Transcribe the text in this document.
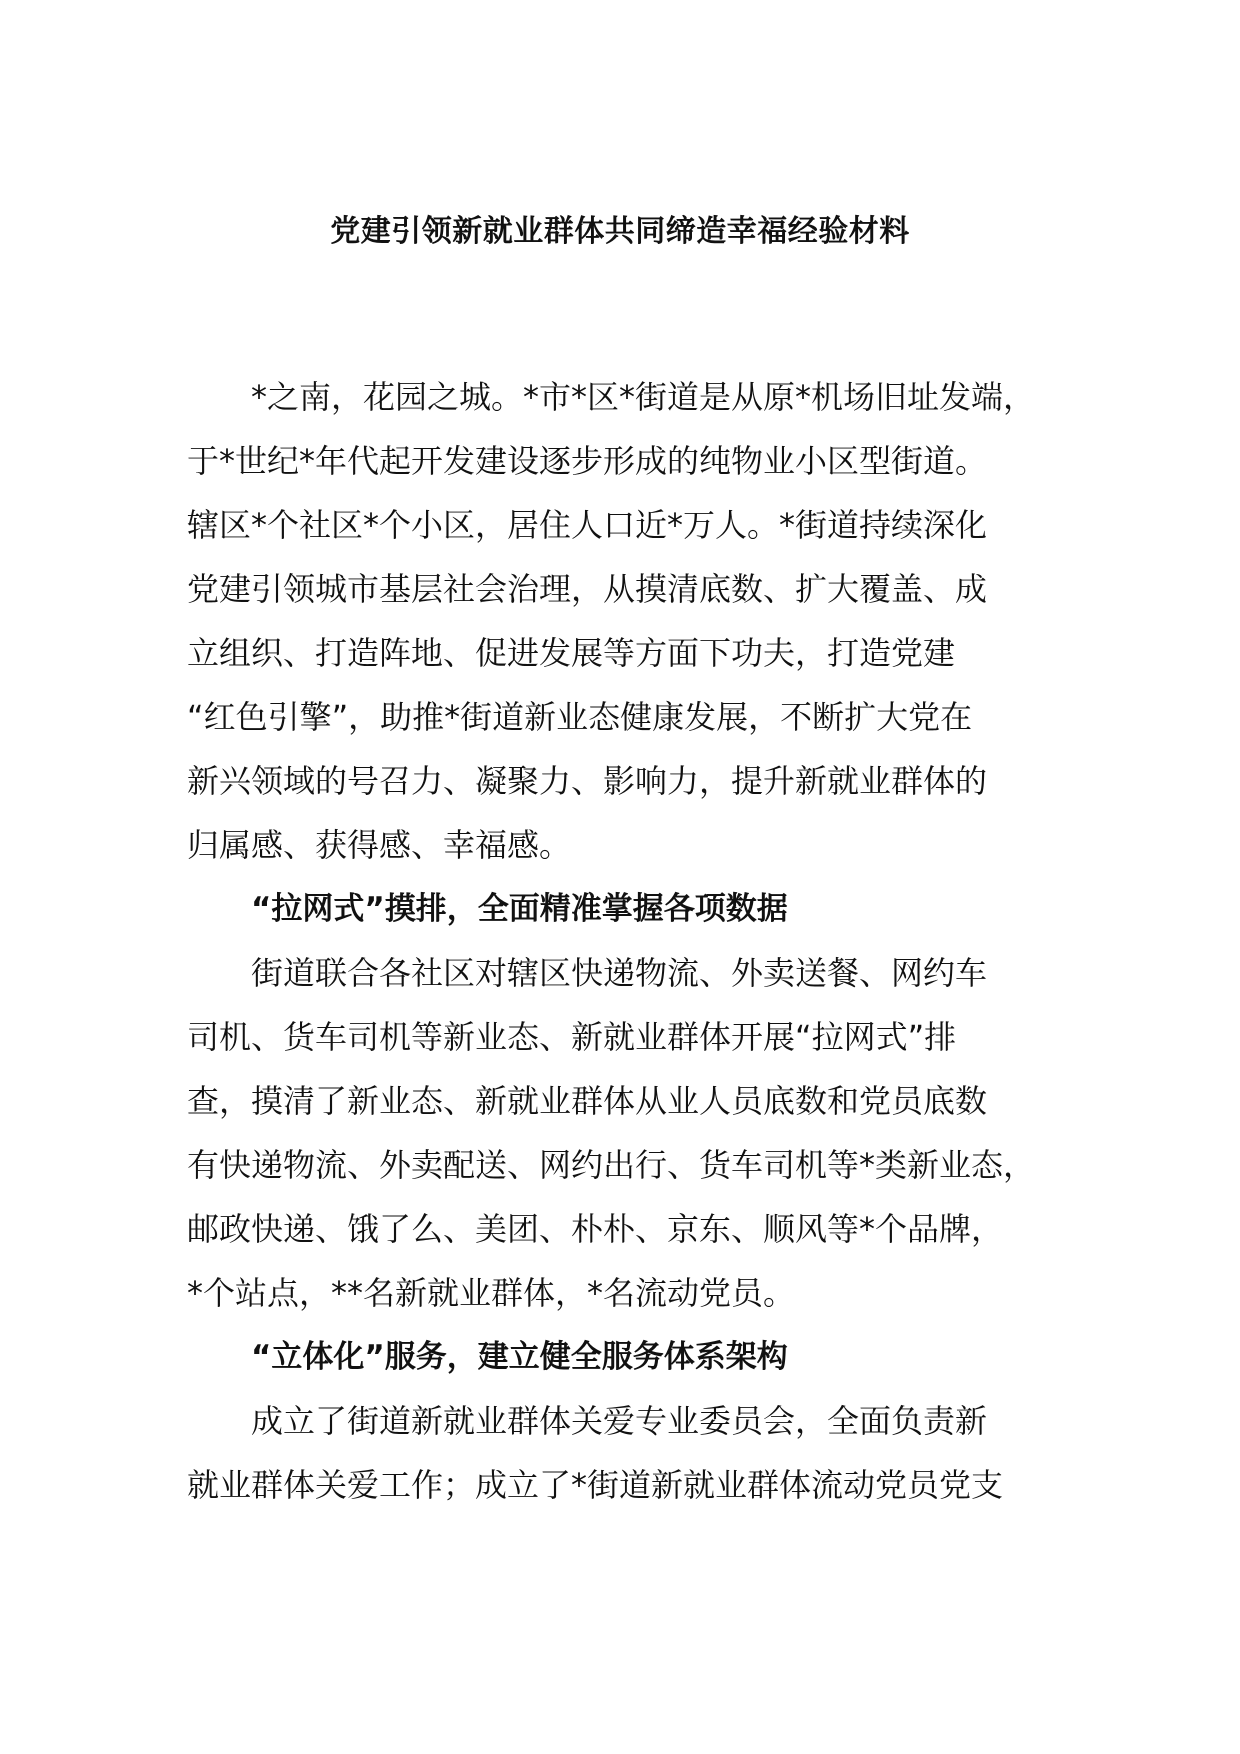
党建引领新就业群体共同缔造幸福经验材料
*之南，花园之城。*市*区*街道是从原*机场旧址发端，
于*世纪*年代起开发建设逐步形成的纯物业小区型街道。
辖区*个社区*个小区，居住人口近*万人。*街道持续深化
党建引领城市基层社会治理，从摸清底数、扩大覆盖、成
立组织、打造阵地、促进发展等方面下功夫，打造党建
“红色引擎”，助推*街道新业态健康发展，不断扩大党在
新兴领域的号召力、凝聚力、影响力，提升新就业群体的
归属感、获得感、幸福感。
“拉网式”摸排，全面精准掌握各项数据
街道联合各社区对辖区快递物流、外卖送餐、网约车
司机、货车司机等新业态、新就业群体开展“拉网式”排
查，摸清了新业态、新就业群体从业人员底数和党员底数
有快递物流、外卖配送、网约出行、货车司机等*类新业态，
邮政快递、饿了么、美团、朴朴、京东、顺风等*个品牌，
*个站点，**名新就业群体，*名流动党员。
“立体化”服务，建立健全服务体系架构
成立了街道新就业群体关爱专业委员会，全面负责新
就业群体关爱工作；成立了*街道新就业群体流动党员党支
